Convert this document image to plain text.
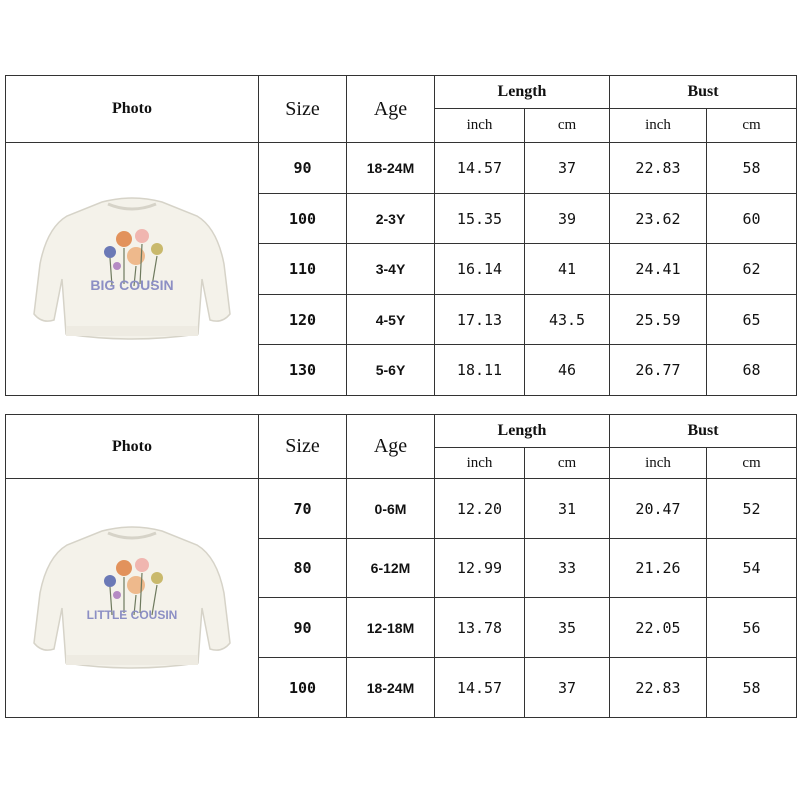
Photo	Size	Age	Length		Bust	
			inch	cm	inch	cm

BIG COUSIN	90	18-24M	14.57	37	22.83	58
	100	2-3Y	15.35	39	23.62	60
	110	3-4Y	16.14	41	24.41	62
	120	4-5Y	17.13	43.5	25.59	65
	130	5-6Y	18.11	46	26.77	68
Photo	Size	Age	Length		Bust	
			inch	cm	inch	cm

LITTLE COUSIN	70	0-6M	12.20	31	20.47	52
	80	6-12M	12.99	33	21.26	54
	90	12-18M	13.78	35	22.05	56
	100	18-24M	14.57	37	22.83	58
